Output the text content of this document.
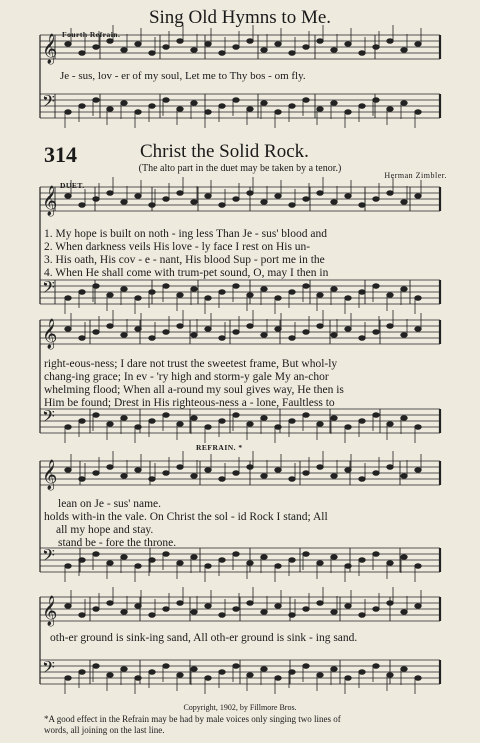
𝄞
𝄢
𝄞
𝄢
𝄞
𝄢
𝄞
𝄢
𝄞
𝄢
Sing Old Hymns to Me.
Fourth Refrain.
Je - sus, lov - er of my soul, Let me to Thy bos - om fly.
314	Christ the Solid Rock.
(The alto part in the duet may be taken by a tenor.)
Herman Zimbler.
DUET.
1. My hope is built on noth - ing less Than Je - sus' blood and
2. When darkness veils His love - ly face I rest on His un-
3. His oath, His cov - e - nant, His blood Sup - port me in the
4. When He shall come with trum-pet sound, O, may I then in
right-eous-ness; I dare not trust the sweetest frame, But whol-ly
chang-ing grace; In ev - 'ry high and storm-y gale My an-chor
whelming flood; When all a-round my soul gives way, He then is
Him be found; Drest in His righteous-ness a - lone, Faultless to
REFRAIN. *
lean on Je - sus' name.
holds with-in the vale. On Christ the sol - id Rock I stand; All
all my hope and stay.
stand be - fore the throne.
oth-er ground is sink-ing sand, All oth-er ground is sink - ing sand.
Copyright, 1902, by Fillmore Bros.
*A good effect in the Refrain may be had by male voices only singing two lines of
words, all joining on the last line.
